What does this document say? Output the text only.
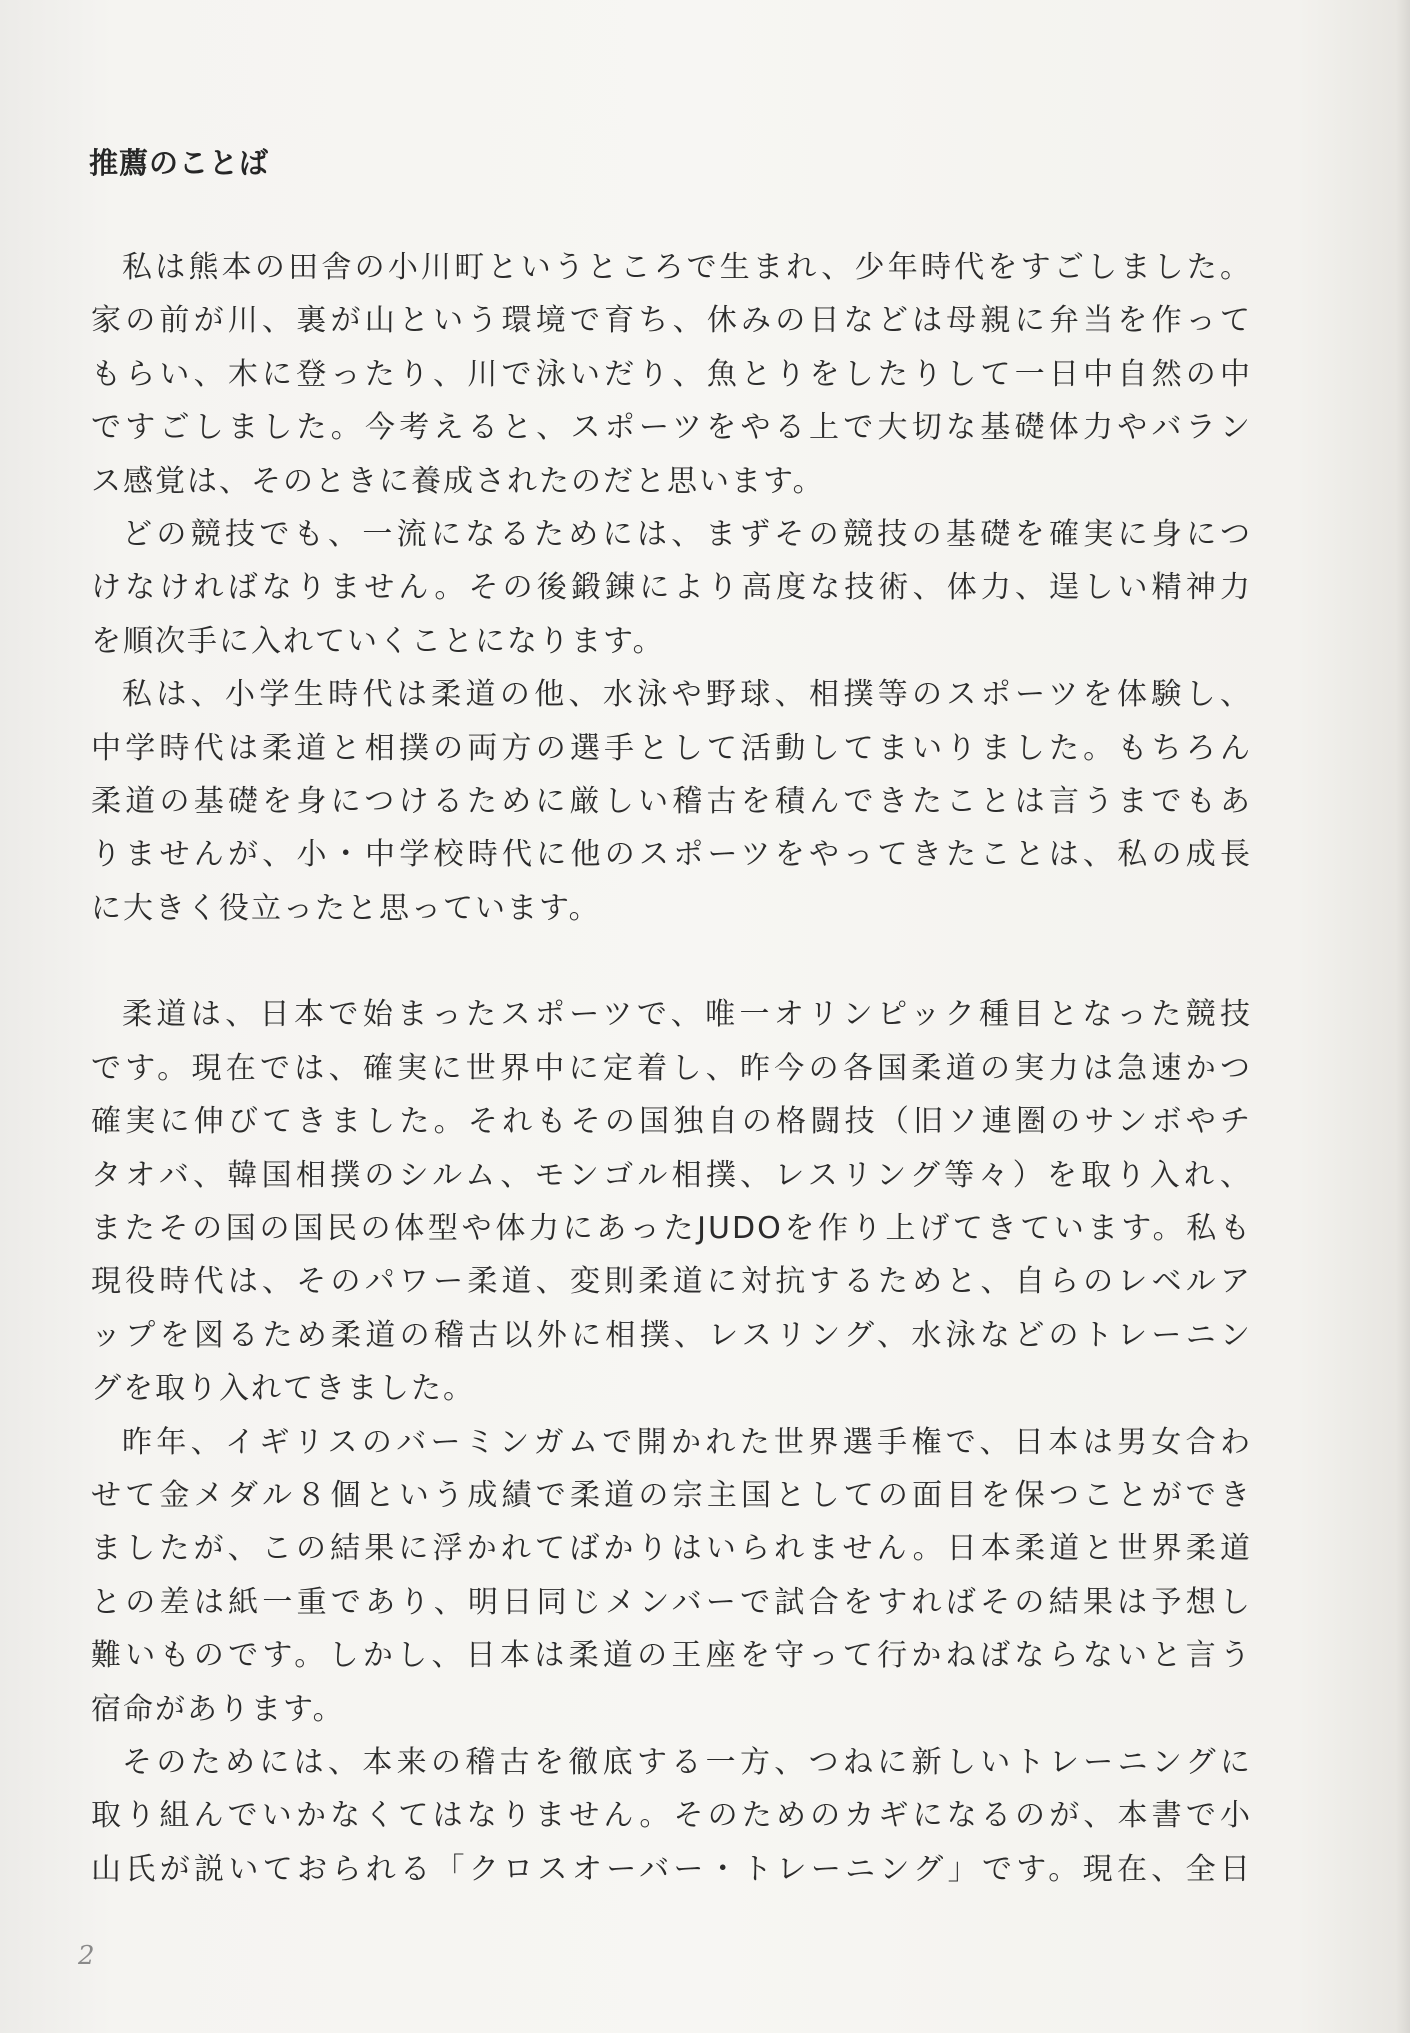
推薦のことば
私は熊本の田舎の小川町というところで生まれ、少年時代をすごしました。
家の前が川、裏が山という環境で育ち、休みの日などは母親に弁当を作って
もらい、木に登ったり、川で泳いだり、魚とりをしたりして一日中自然の中
ですごしました。今考えると、スポーツをやる上で大切な基礎体力やバラン
ス感覚は、そのときに養成されたのだと思います。
どの競技でも、一流になるためには、まずその競技の基礎を確実に身につ
けなければなりません。その後鍛錬により高度な技術、体力、逞しい精神力
を順次手に入れていくことになります。
私は、小学生時代は柔道の他、水泳や野球、相撲等のスポーツを体験し、
中学時代は柔道と相撲の両方の選手として活動してまいりました。もちろん
柔道の基礎を身につけるために厳しい稽古を積んできたことは言うまでもあ
りませんが、小・中学校時代に他のスポーツをやってきたことは、私の成長
に大きく役立ったと思っています。
柔道は、日本で始まったスポーツで、唯一オリンピック種目となった競技
です。現在では、確実に世界中に定着し、昨今の各国柔道の実力は急速かつ
確実に伸びてきました。それもその国独自の格闘技（旧ソ連圏のサンボやチ
タオバ、韓国相撲のシルム、モンゴル相撲、レスリング等々）を取り入れ、
またその国の国民の体型や体力にあったJUDOを作り上げてきています。私も
現役時代は、そのパワー柔道、変則柔道に対抗するためと、自らのレベルア
ップを図るため柔道の稽古以外に相撲、レスリング、水泳などのトレーニン
グを取り入れてきました。
昨年、イギリスのバーミンガムで開かれた世界選手権で、日本は男女合わ
せて金メダル８個という成績で柔道の宗主国としての面目を保つことができ
ましたが、この結果に浮かれてばかりはいられません。日本柔道と世界柔道
との差は紙一重であり、明日同じメンバーで試合をすればその結果は予想し
難いものです。しかし、日本は柔道の王座を守って行かねばならないと言う
宿命があります。
そのためには、本来の稽古を徹底する一方、つねに新しいトレーニングに
取り組んでいかなくてはなりません。そのためのカギになるのが、本書で小
山氏が説いておられる「クロスオーバー・トレーニング」です。現在、全日
2
